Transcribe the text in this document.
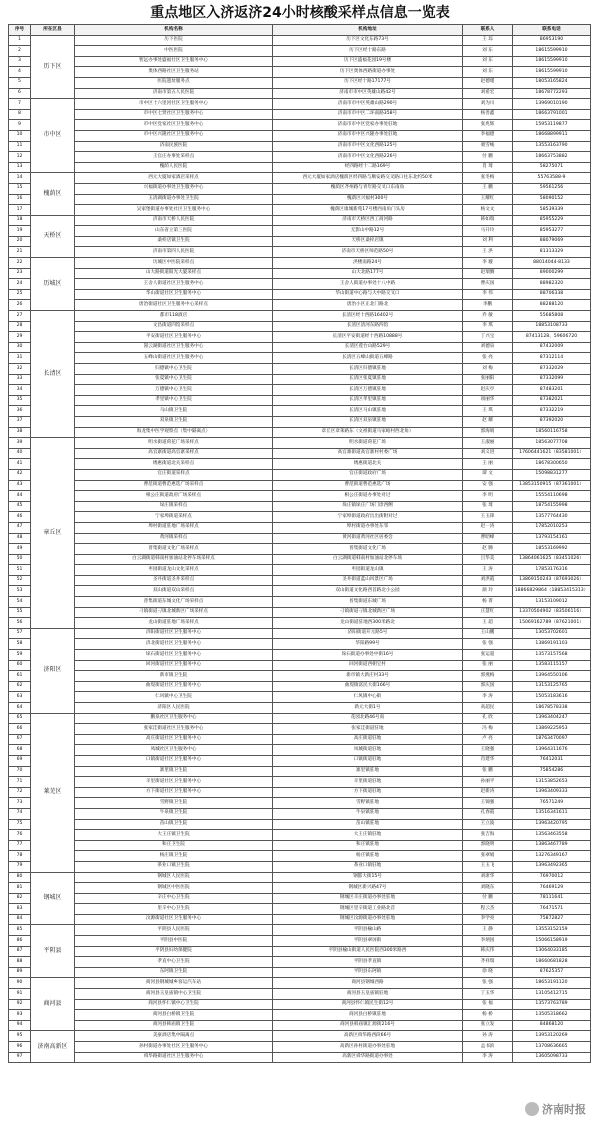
重点地区入济返济24小时核酸采样点信息一览表
序号	所在区县	机构名称	机构地址	联系人	联系电话
1	历下区	历下医院	历下区文化东路73号	王 琮	86953190
2		中医医院	历下区经十路东路	刘 东	18615599910
3		智远办事处盛福社区卫生服务中心	历下区盛福花园19号楼	刘 东	18615599910
4		奥体西路社区卫生服务站	历下区奥体西路街道办事处	刘 东	18615599910
5		医院遗址服务点	历下区经十路17177号	赵德瑾	18053165824
6		济南市第五人民医院	济南市市中区英雄山路42号	刘希宏	18678772293
7	市中区	市中区十六里河社区卫生服务中心	济南市市中区英雄山路290号	刘为川	13969010190
8		市中区七贤社区卫生服务中心	济南市市中区二环南路358号	杨善鑫	18663791001
9		市中区党家社区卫生服务中心	济南市市中区党家办事处驻地	张兆辉	15953119877
10		市中区兴隆社区卫生服务中心	济南市市中区兴隆办事处驻地	李福德	18668899911
11		济南民族医院	济南市市中区文化西路125号	栗雪峻	13553163790
12		王官庄办事处采样点	济南市市中区文化西路226号	付 鹏	18663753882
13		槐荫人民医院	经四路经十二路169号	肖 琦	58275071
14	槐荫区	西元大厦如家酒店采样点	西元大厦如家酒店槐荫区经四路与顺安路交叉路口往东北约50米	张冬梅	55763588-9
15		兴福街道办事处卫生服务中心	槐荫区齐州路与青年路交叉口东南角	王 鹏	59561256
16		玉清湖街道办事处卫生院	槐荫区兴福村300号	王耀红	58090152
17		吴家堡街道办事处社区卫生服务中心	槐荫区康城新苑17号楼西南角门头房	杨文文	58539339
18	天桥区	济南市天桥人民医院	济南市天桥区西工商河路	韩如瑞	85955229
19		山东省立第三医院	无影山中路12号	马开玲	85953277
20		桑梓店镇卫生院	天桥区桑梓店镇	刘 利	88079069
21		济南市第四人民医院	济南市天桥区师范路50号	王 洪	81313329
22	历城区	历城区中医院采样点	洪楼南路24号	李 璇	88014044-8133
23		山大路街道阳光大厦采样点	山大北路177号	赵瑞腾	89000299
24		王舍人街道社区卫生服务中心	王舍人街道办事处十八中路	曹庆国	88982320
25		华山街道社区卫生服务中心	华山街道中心路与大中路交叉口	李 伟	88706338
26		唐冶街道社区卫生服务中心采样点	唐冶小区正北门路北	李鹏	88288120
27	长清区	都市118酒店	长清区经十西路16402号	乔 敏	55685808
28		文昌街道四馆采样点	长清区清河东路四馆	李 琪	18853108733
29		平安街道社区卫生服务中心	长清区平安街道经十西路10888号	丁兴宝	87413128、59606720
30		崮云湖街道社区卫生服务中心	长清区莲台山路529号	刘德泉	87432009
31		五峰山街道社区卫生服务中心	长清区五峰山街道五峰路	张 亮	87312114
32		归德镇中心卫生院	长清区归德镇驻地	刘 梅	87332029
33		张夏镇中心卫生院	长清区张夏镇驻地	张丽阳	87332099
34		万德镇中心卫生院	长清区万德镇驻地	赵庆亭	87483201
35		孝里镇中心卫生院	长清区孝里镇驻地	项丽华	87382021
36		马山镇卫生院	长清区马山镇驻地	王 琪	87332219
37		双泉镇卫生院	长清区双泉镇驻地	赵 耀	87392020
38		海龙集中医学观察点（集中隔离点）	章丘区章莱路东（文祖街道马家峪村西北角）	郭海娟	18560116758
39	章丘区	明水街道荷花广场采样点	明水街道荷花广场	王淑丽	18563077708
40		高官寨街道高官寨采样点	高官寨街道高官寨村村委广场	刘义进	17606441621（83581001）
41		绣惠街道北关采样点	绣惠街道北关	王 丽	18678300650
42		官庄街道采样点	官庄街道政府广场	谭 文	15098831277
43		曹范街道曹范惠选广场采样点	曹范街道曹范惠选广场	安 强	13853150915（87361001）
44		相公庄街道政府广场采样点	相公庄街道办事处对过	李 明	15554110698
45		垛庄镇采样点	垛庄镇垛庄广场门诊西侧	张 琦	18754155998
46		宁家埠街道采样点	宁家埠街道政府出出街附对过	王玉锋	13577764430
47		埠村街道驻地广场采样点	埠村街道办事处东邻	赵一涛	17852010253
48		黄河镇采样点	黄河街道黄河社区居委会	曹昭峰	13793154161
49		普集街道文化广场采样点	普集街道文化广场	赵 腾	18553169992
50		白云湖街道韩南村加油站北停车场采样点	白云湖街道韩南村加油站北停车场	吕华美	13864061625（83451026）
51		枣园街道龙山文化采样点	枣园街道龙山镇	王 涛	17853176316
52		圣井街道圣井采样点	圣井街道蓝山风景区广场	刘洪霞	13869150243（87693026）
53		双山街道双山采样点	双山街道文化路西首路北小公园	颜 玲	18866829864（18853415313）
54		普集街道东城文化广场采样点	普集街道东城广场	杨 菁	13153109012
55		刁镇街道刁镇北城新区广场采样点	刁镇街道刁镇北城新区广场	庄慧红	13370504902（83506116）
56		龙山街道驻地广场采样点	龙山街道驻地西300米路北	王 超	15069162789（87621001）
57	济阳区	济阳街道社区卫生服务中心	济阳街道开元路5号	王山鹏	13053702601
58		济北街道社区卫生服务中心	华阳路99号	张 强	13869191103
59		垛石街道社区卫生服务中心	垛石街道办事处中街16号	张运超	13573157568
60		回河街道社区卫生服务中心	回河街道西朝宝村	张 丽	13583115157
61		新市镇卫生院	新市镇大新庄村33号	郭燕梅	13964550106
62		曲堤街道社区卫生服务中心	曲堤镇富民大街166号	郭庆国	13153125765
63		仁风镇中心卫生院	仁风镇中心街	李 涛	15053183616
64		济阳区人民医院	新元大街1号	高超民	18678578338
65	莱芜区	鹏泉社区卫生服务中心	花园北路46号南	孔 欣	13963404247
66		张家洼街道社区卫生服务中心	张家洼街道驻地	冯 梅	13869225953
67		高庄街道社区卫生服务中心	高庄街道驻地	卢 亮	18763470097
68		凤城社区卫生服务中心	凤城街道驻地	王晓强	13964311676
69		口镇街道社区卫生服务中心	口镇街道驻地	肖建华	76412031
70		寨里镇卫生院	寨里镇驻地	张 鹏	75854286
71		羊里街道社区卫生服务中心	羊里街道驻地	孙丽平	13153852653
72		方下街道社区卫生服务中心	方下街道驻地	赵新涛	13963409333
73		雪野镇卫生院	雪野镇驻地	王锦强	76571249
74		牛泉镇卫生院	牛泉镇驻地	孔春霞	13516341611
75		苗山镇卫生院	苗山镇驻地	王立波	13963420795
76		大王庄镇卫生院	大王庄镇驻地	张吉海	13563463558
77		和庄卫生院	和庄镇驻地	郭晓明	13863467789
78		杨庄镇卫生院	杨庄镇驻地	张翠娟	13276349167
79		茶业口镇卫生院	茶业口镇驻地	王玉飞	13963492365
80	钢城区	钢城区人民医院	钢都大街15号	刘席华	76970012
81		钢城区中医医院	钢城区新兴路47号	刘晓东	76469129
82		辛庄中心卫生院	钢城区辛庄街道办事处驻地	付 鹏	78111641
83		里辛中心卫生院	钢城区里辛街道工业路北首	程云杰	76471571
84		汶源街道社区卫生服务中心	钢城区汶源街道办事处驻地	李学亮	75872827
85	平阴县	平阴县人民医院	平阴县榆山路	王 静	13553152159
86		平阴县中医院	平阴县翠屏街	李炳国	15066158919
87		平阴县妇幼保健院	平阴县榆山街道人民医院西300米路西	韩庆伟	13064033185
88		孝直中心卫生院	平阴县孝直镇	齐祥瑞	18660681828
89		东阿镇卫生院	平阴县东阿镇	徐 晓	87625357
90	商河县	商河县钢城城乡客运汽车站	商河县钢城西路	张 强	18653191120
91		商河县玉皇庙镇中心卫生院	商河县玉皇庙镇驻地	丁玉华	13105412715
92		商河县怀仁镇中心卫生院	商河县怀仁镇民生街12号	张 福	13573763789
93		商河县白桥镇卫生院	商河县白桥镇驻地	杨 桥	13505318662
94		商河县韩庙镇卫生院	商河县韩庙镇汇源街216号	张立发	84868120
95	济南高新区	美豪酒店集中隔离点	高新区舜华路西段66号	孙 涛	13953120269
96		孙村街道办事处社区卫生服务中心	高新区孙村街道办事处驻地	孟书滨	13708636665
97		舜华路街道社区卫生服务中心	高新区舜华路街道办事处	李 涛	13605098733
济南时报
